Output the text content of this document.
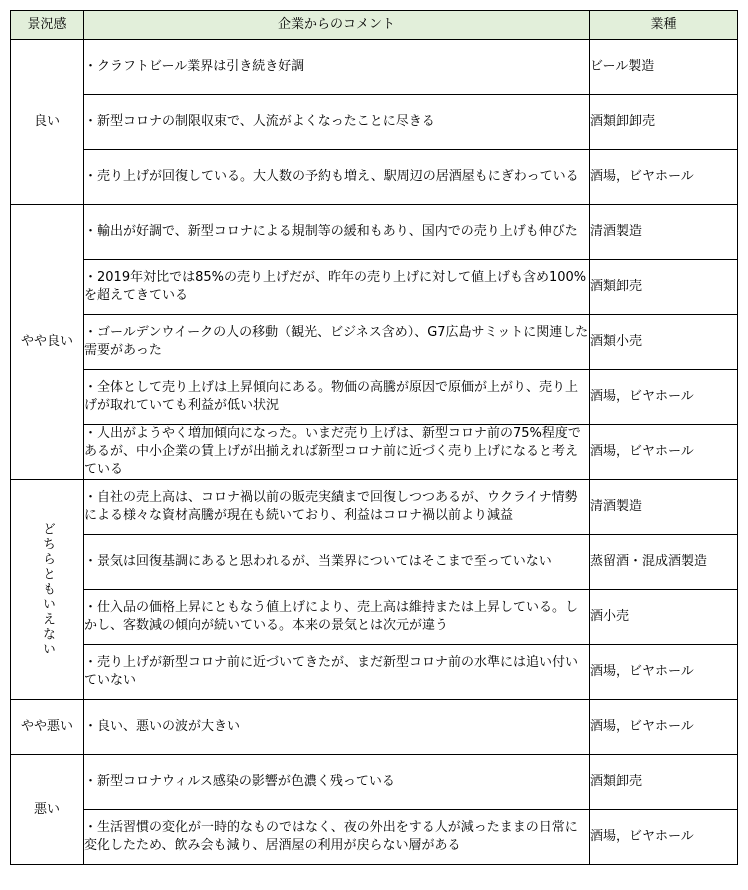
景況感	企業からのコメント	業種
良い	・クラフトビール業界は引き続き好調	ビール製造
	・新型コロナの制限収束で、人流がよくなったことに尽きる	酒類卸卸売
	・売り上げが回復している。大人数の予約も増え、駅周辺の居酒屋もにぎわっている	酒場，ビヤホール
やや良い	・輸出が好調で、新型コロナによる規制等の緩和もあり、国内での売り上げも伸びた	清酒製造
	・2019年対比では85%の売り上げだが、昨年の売り上げに対して値上げも含め100%を超えてきている	酒類卸売
	・ゴールデンウイークの人の移動（観光、ビジネス含め）、G7広島サミットに関連した需要があった	酒類小売
	・全体として売り上げは上昇傾向にある。物価の高騰が原因で原価が上がり、売り上げが取れていても利益が低い状況	酒場，ビヤホール
	・人出がようやく増加傾向になった。いまだ売り上げは、新型コロナ前の75%程度であるが、中小企業の賃上げが出揃えれば新型コロナ前に近づく売り上げになると考えている	酒場，ビヤホール
どちらともいえない	・自社の売上高は、コロナ禍以前の販売実績まで回復しつつあるが、ウクライナ情勢による様々な資材高騰が現在も続いており、利益はコロナ禍以前より減益	清酒製造
	・景気は回復基調にあると思われるが、当業界についてはそこまで至っていない	蒸留酒・混成酒製造
	・仕入品の価格上昇にともなう値上げにより、売上高は維持または上昇している。しかし、客数減の傾向が続いている。本来の景気とは次元が違う	酒小売
	・売り上げが新型コロナ前に近づいてきたが、まだ新型コロナ前の水準には追い付いていない	酒場，ビヤホール
やや悪い	・良い、悪いの波が大きい	酒場，ビヤホール
悪い	・新型コロナウィルス感染の影響が色濃く残っている	酒類卸売
	・生活習慣の変化が一時的なものではなく、夜の外出をする人が減ったままの日常に変化したため、飲み会も減り、居酒屋の利用が戻らない層がある	酒場，ビヤホール
